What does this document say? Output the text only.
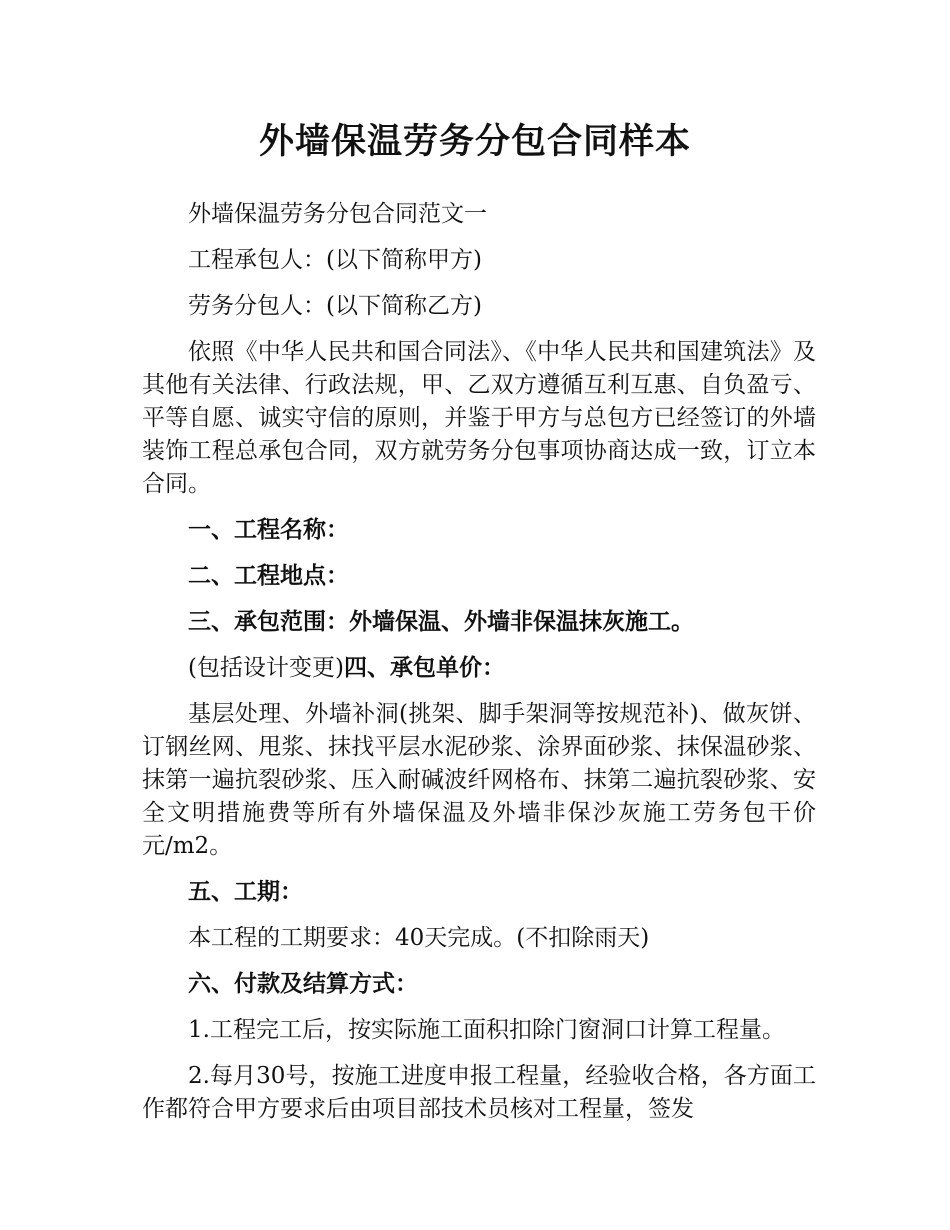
外墙保温劳务分包合同样本

外墙保温劳务分包合同范文一

工程承包人：(以下简称甲方)

劳务分包人：(以下简称乙方)

依照《中华人民共和国合同法》、《中华人民共和国建筑法》及其他有关法律、行政法规，甲、乙双方遵循互利互惠、自负盈亏、平等自愿、诚实守信的原则，并鉴于甲方与总包方已经签订的外墙装饰工程总承包合同，双方就劳务分包事项协商达成一致，订立本合同。

一、工程名称：

二、工程地点：

三、承包范围：外墙保温、外墙非保温抹灰施工。

(包括设计变更)四、承包单价：

基层处理、外墙补洞(挑架、脚手架洞等按规范补)、做灰饼、订钢丝网、甩浆、抹找平层水泥砂浆、涂界面砂浆、抹保温砂浆、抹第一遍抗裂砂浆、压入耐碱波纤网格布、抹第二遍抗裂砂浆、安全文明措施费等所有外墙保温及外墙非保沙灰施工劳务包干价元/m2。

五、工期：

本工程的工期要求：40天完成。(不扣除雨天)

六、付款及结算方式：

1.工程完工后，按实际施工面积扣除门窗洞口计算工程量。

2.每月30号，按施工进度申报工程量，经验收合格，各方面工作都符合甲方要求后由项目部技术员核对工程量，签发
